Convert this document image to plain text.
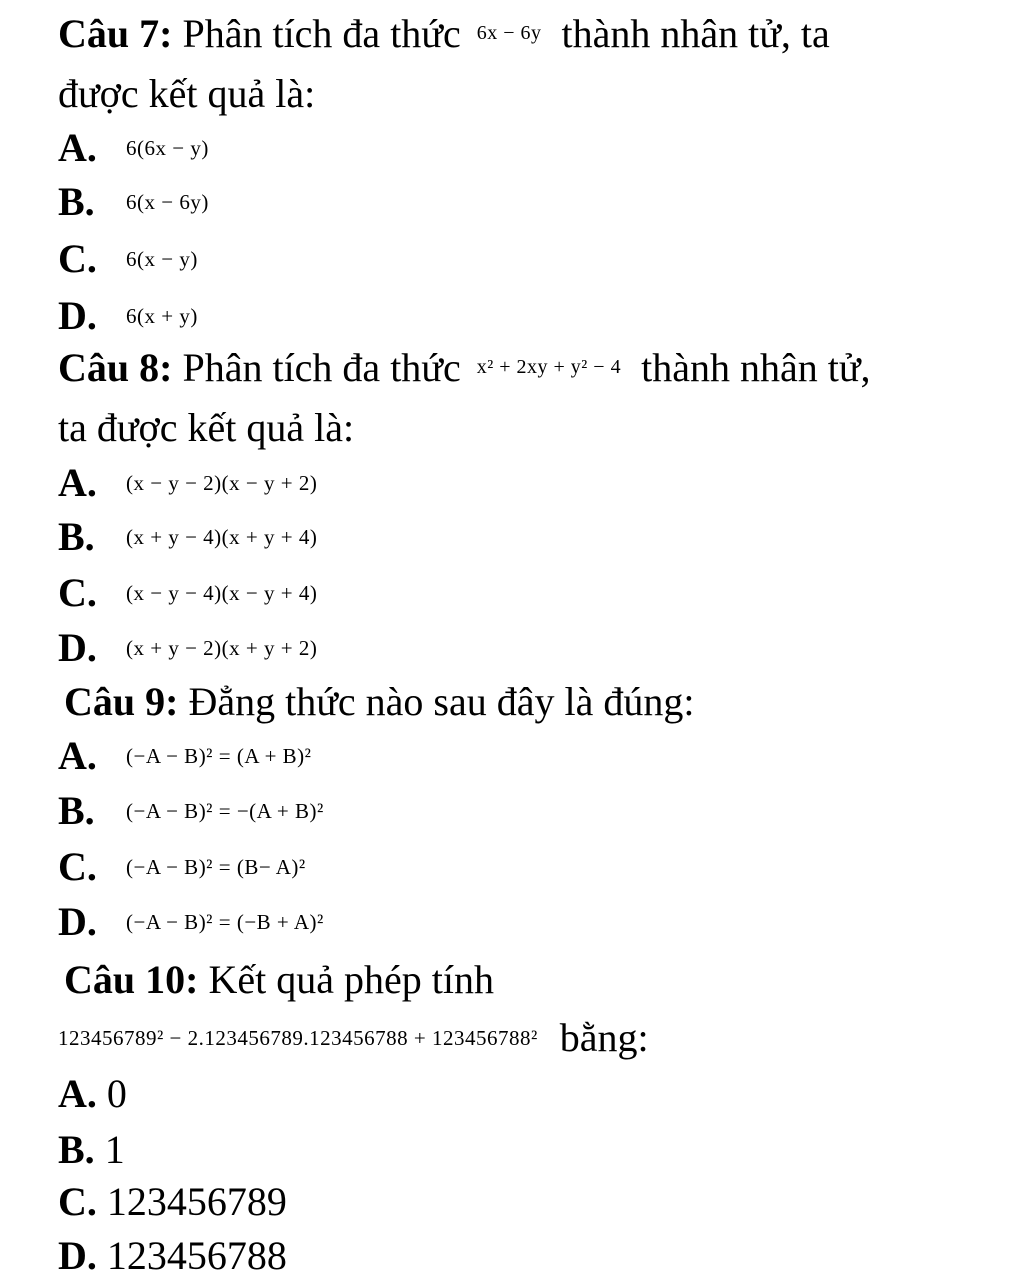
Câu 7: Phân tích đa thức $^{6x - 6y}$ thành nhân tử, ta
được kết quả là:
A. 6(6x − y)
B. 6(x − 6y)
C. 6(x − y)
D. 6(x + y)
Câu 8: Phân tích đa thức $^{x^2 + 2xy + y^2 - 4}$ thành nhân tử,
ta được kết quả là:
A. (x − y − 2)(x − y + 2)
B. (x + y − 4)(x + y + 4)
C. (x − y − 4)(x − y + 4)
D. (x + y − 2)(x + y + 2)
Câu 9: Đẳng thức nào sau đây là đúng:
A. (−A − B)² = (A + B)²
B. (−A − B)² = −(A + B)²
C. (−A − B)² = (B− A)²
D. (−A − B)² = (−B + A)²
Câu 10: Kết quả phép tính
123456789² − 2.123456789.123456788 + 123456788² bằng:
A. 0
B. 1
C. 123456789
D. 123456788
